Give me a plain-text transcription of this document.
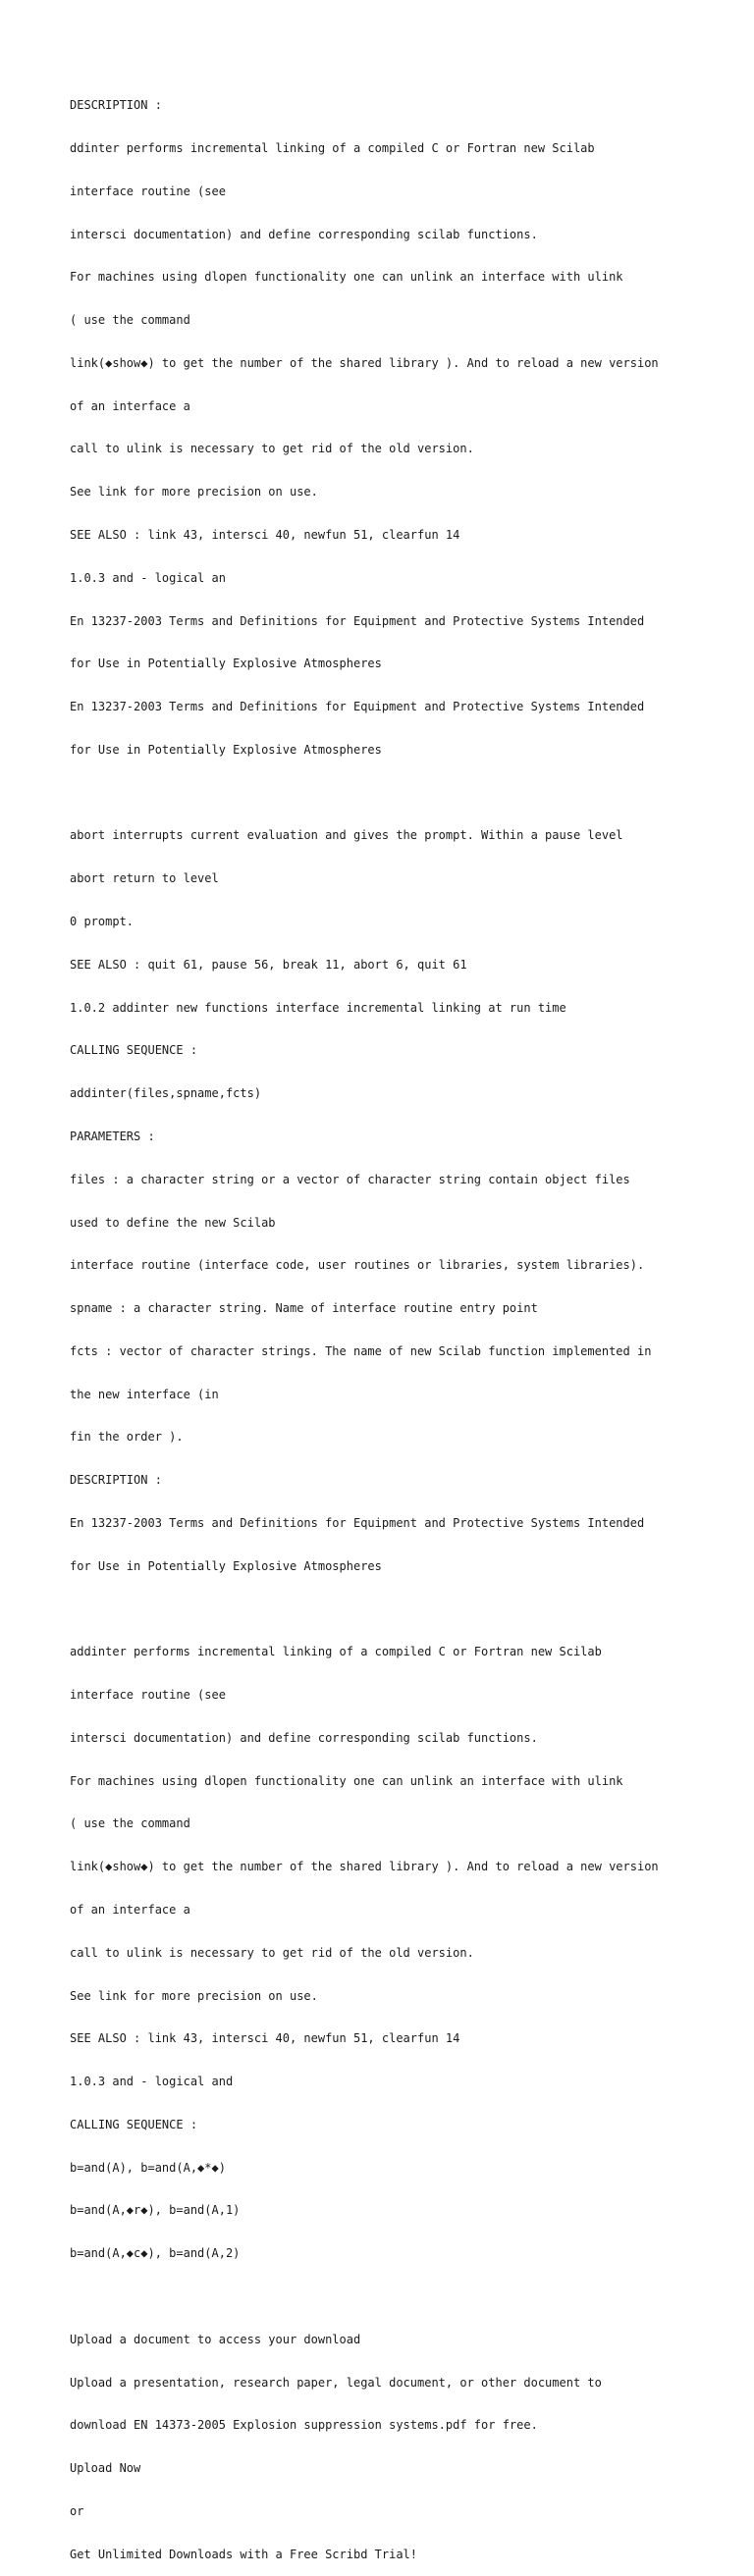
DESCRIPTION :

ddinter performs incremental linking of a compiled C or Fortran new Scilab

interface routine (see

intersci documentation) and define corresponding scilab functions.

For machines using dlopen functionality one can unlink an interface with ulink

( use the command

link(◆show◆) to get the number of the shared library ). And to reload a new version

of an interface a

call to ulink is necessary to get rid of the old version.

See link for more precision on use.

SEE ALSO : link 43, intersci 40, newfun 51, clearfun 14

1.0.3 and - logical an

En 13237-2003 Terms and Definitions for Equipment and Protective Systems Intended

for Use in Potentially Explosive Atmospheres

En 13237-2003 Terms and Definitions for Equipment and Protective Systems Intended

for Use in Potentially Explosive Atmospheres

abort interrupts current evaluation and gives the prompt. Within a pause level

abort return to level

0 prompt.

SEE ALSO : quit 61, pause 56, break 11, abort 6, quit 61

1.0.2 addinter new functions interface incremental linking at run time

CALLING SEQUENCE :

addinter(files,spname,fcts)

PARAMETERS :

files : a character string or a vector of character string contain object files

used to define the new Scilab

interface routine (interface code, user routines or libraries, system libraries).

spname : a character string. Name of interface routine entry point

fcts : vector of character strings. The name of new Scilab function implemented in

the new interface (in

fin the order ).

DESCRIPTION :

En 13237-2003 Terms and Definitions for Equipment and Protective Systems Intended

for Use in Potentially Explosive Atmospheres

addinter performs incremental linking of a compiled C or Fortran new Scilab

interface routine (see

intersci documentation) and define corresponding scilab functions.

For machines using dlopen functionality one can unlink an interface with ulink

( use the command

link(◆show◆) to get the number of the shared library ). And to reload a new version

of an interface a

call to ulink is necessary to get rid of the old version.

See link for more precision on use.

SEE ALSO : link 43, intersci 40, newfun 51, clearfun 14

1.0.3 and - logical and

CALLING SEQUENCE :

b=and(A), b=and(A,◆*◆)

b=and(A,◆r◆), b=and(A,1)

b=and(A,◆c◆), b=and(A,2)

Upload a document to access your download

Upload a presentation, research paper, legal document, or other document to

download EN 14373-2005 Explosion suppression systems.pdf for free.

Upload Now

or

Get Unlimited Downloads with a Free Scribd Trial!
